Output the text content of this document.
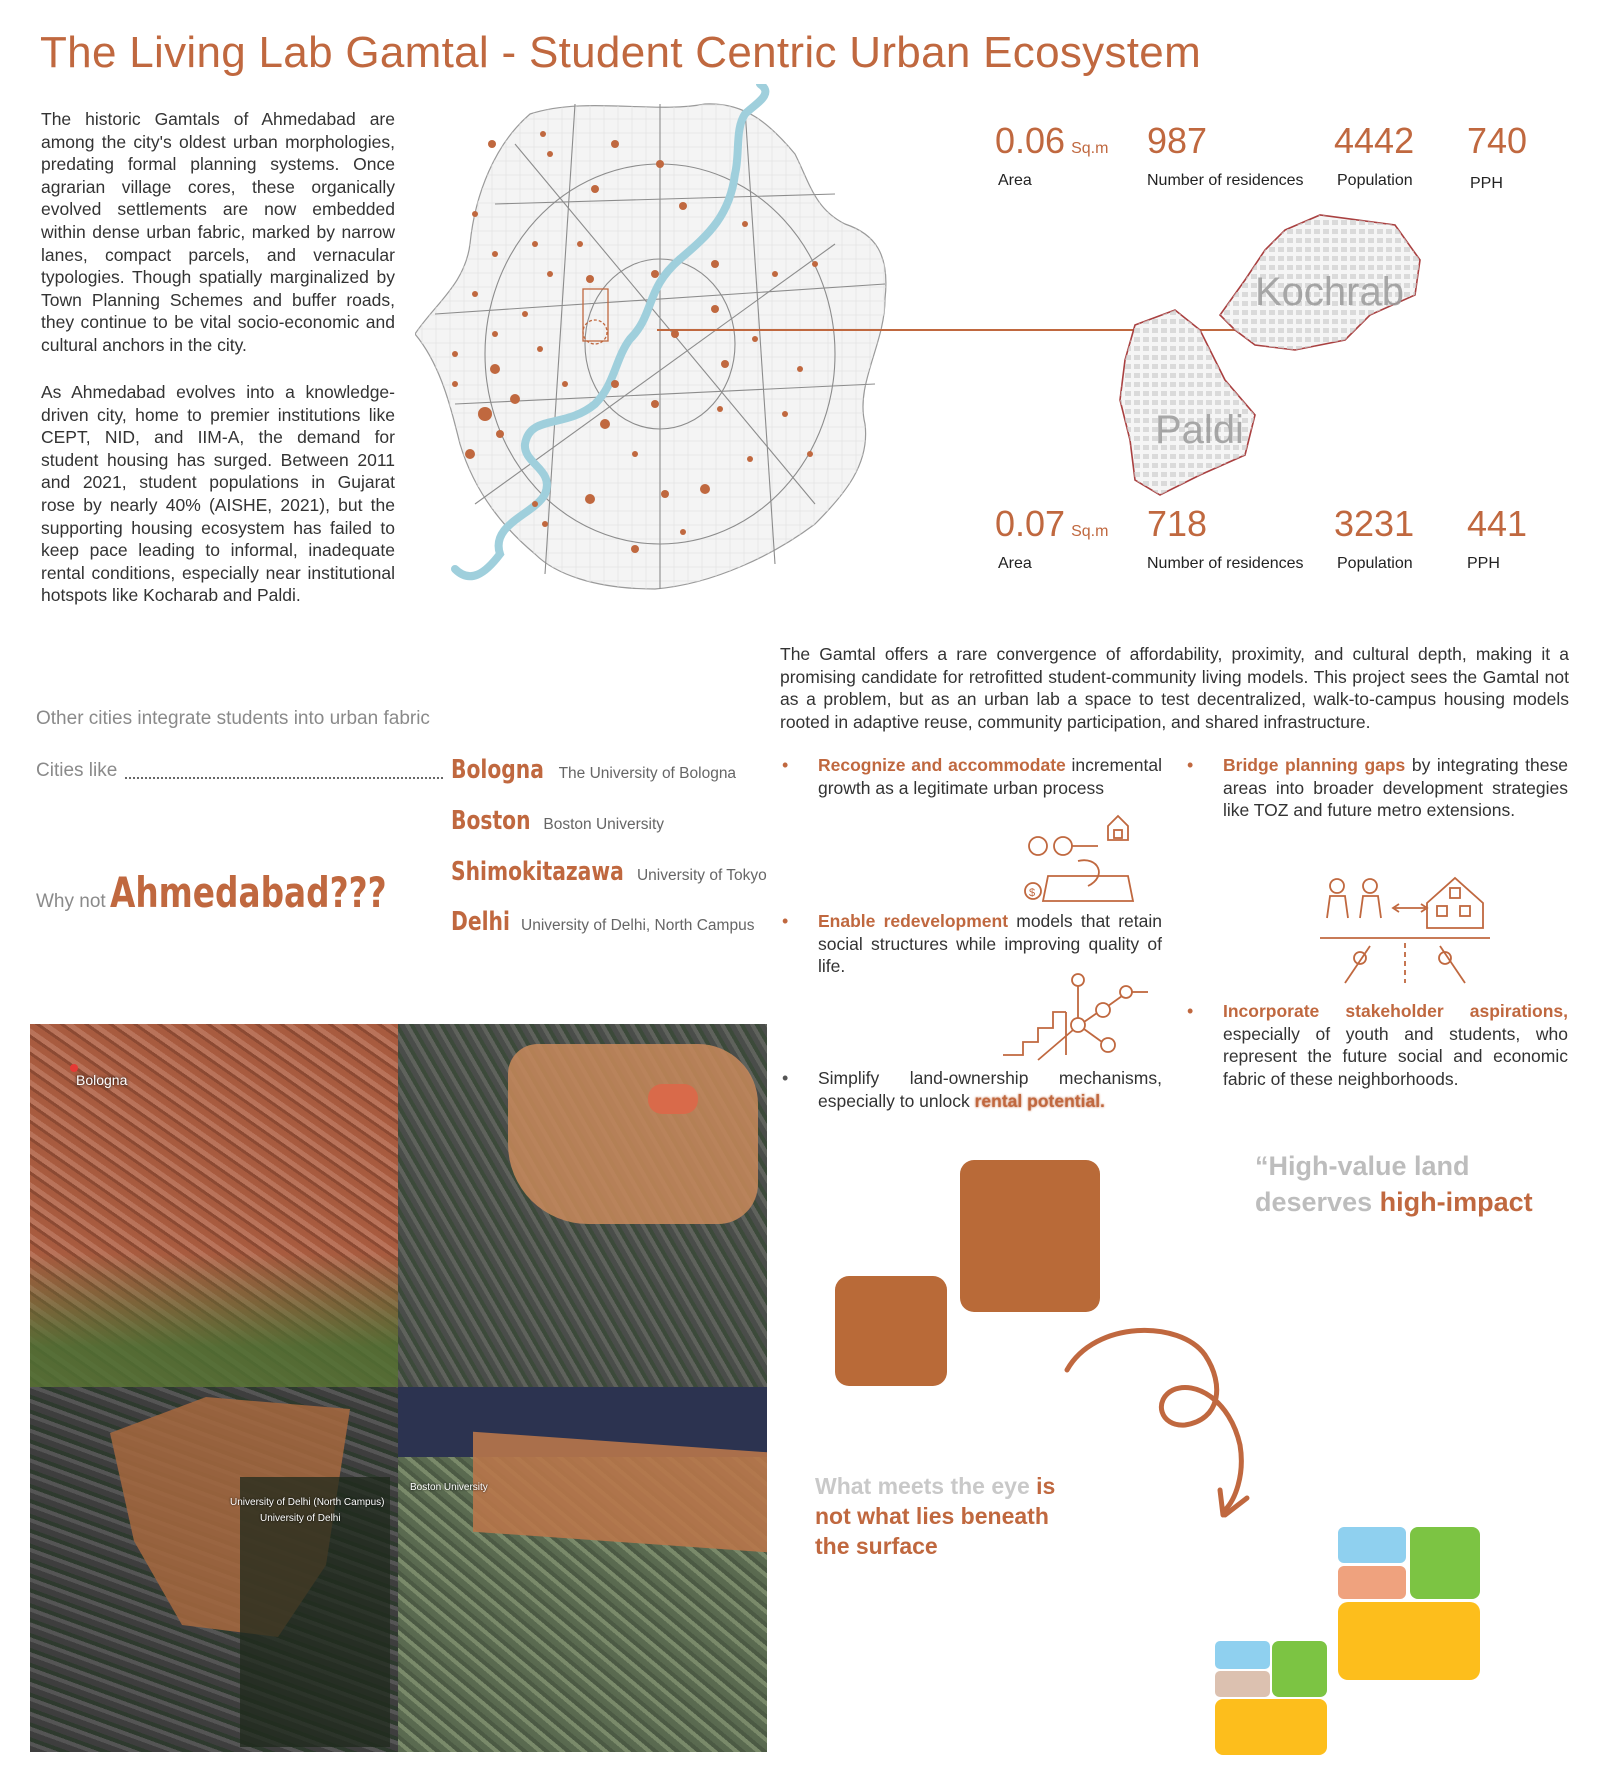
The Living Lab Gamtal - Student Centric Urban Ecosystem
The historic Gamtals of Ahmedabad are among the city's oldest urban morphologies, predating formal planning systems. Once agrarian village cores, these organically evolved settlements are now embedded within dense urban fabric, marked by narrow lanes, compact parcels, and vernacular typologies. Though spatially marginalized by Town Planning Schemes and buffer roads, they continue to be vital socio-economic and cultural anchors in the city.
As Ahmedabad evolves into a knowledge-driven city, home to premier institutions like CEPT, NID, and IIM-A, the demand for student housing has surged. Between 2011 and 2021, student populations in Gujarat rose by nearly 40% (AISHE, 2021), but the supporting housing ecosystem has failed to keep pace leading to informal, inadequate rental conditions, especially near institutional hotspots like Kocharab and Paldi.
Kochrab
Paldi
0.06 Sq.m
Area
987
Number of residences
4442
Population
740
PPH
0.07 Sq.m
Area
718
Number of residences
3231
Population
441
PPH
The Gamtal offers a rare convergence of affordability, proximity, and cultural depth, making it a promising candidate for retrofitted student-community living models. This project sees the Gamtal not as a problem, but as an urban lab a space to test decentralized, walk-to-campus housing models rooted in adaptive reuse, community participation, and shared infrastructure.
Other cities integrate students into urban fabric
Cities like	Bologna The University of Bologna
Boston Boston University
Shimokitazawa University of Tokyo
Delhi University of Delhi, North Campus
Why not Ahmedabad???
• Recognize and accommodate incremental growth as a legitimate urban process
• Bridge planning gaps by integrating these areas into broader development strategies like TOZ and future metro extensions.
• Enable redevelopment models that retain social structures while improving quality of life.
• Incorporate stakeholder aspirations, especially of youth and students, who represent the future social and economic fabric of these neighborhoods.
• Simplify land-ownership mechanisms, especially to unlock rental potential.
$
“High-value land deserves high-impact
What meets the eye is not what lies beneath the surface
Bologna
University of Delhi (North Campus)
University of Delhi
Boston University
